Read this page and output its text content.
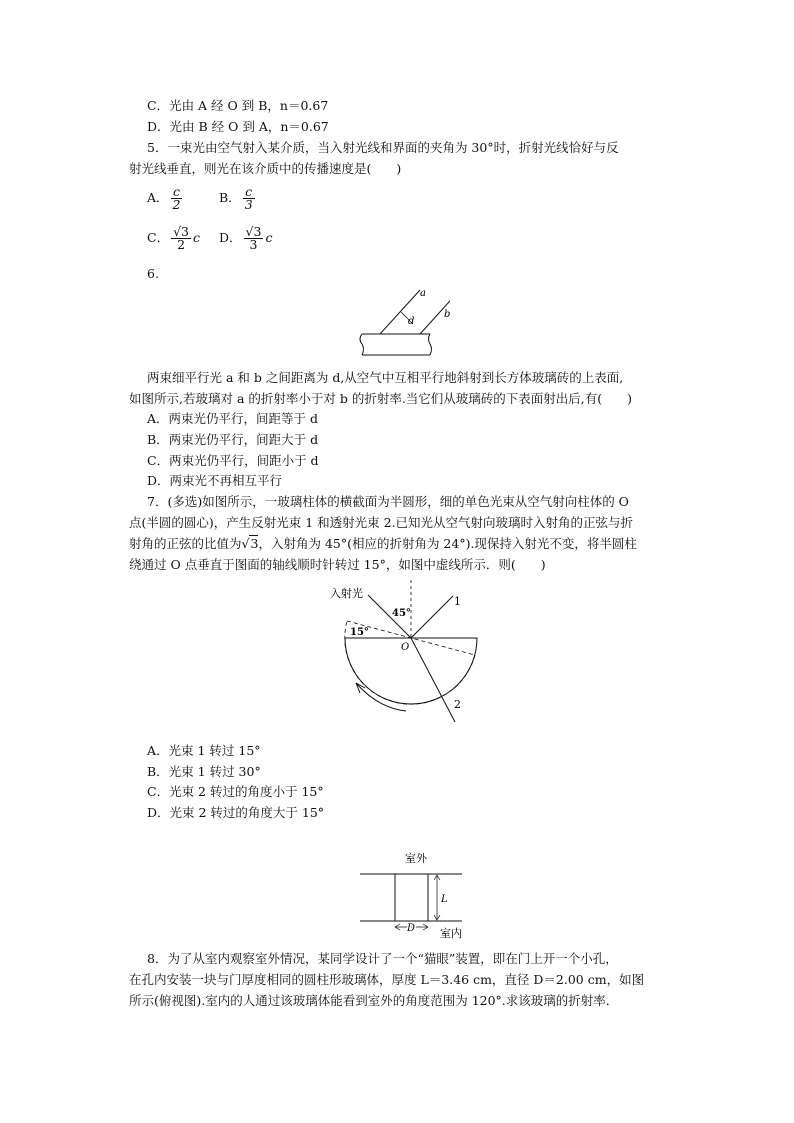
C．光由 A 经 O 到 B，n＝0.67
D．光由 B 经 O 到 A，n＝0.67
5．一束光由空气射入某介质，当入射光线和界面的夹角为 30°时，折射光线恰好与反
射光线垂直，则光在该介质中的传播速度是(　　)
A． $\frac{c}{2}$	B． $\frac{c}{3}$
C． $\frac{√3}{2}$ c D． $\frac{√3}{3}$ c
6.
a
b
d
两束细平行光 a 和 b 之间距离为 d,从空气中互相平行地斜射到长方体玻璃砖的上表面,
如图所示,若玻璃对 a 的折射率小于对 b 的折射率.当它们从玻璃砖的下表面射出后,有(　　)
A．两束光仍平行，间距等于 d
B．两束光仍平行，间距大于 d
C．两束光仍平行，间距小于 d
D．两束光不再相互平行
7．(多选)如图所示，一玻璃柱体的横截面为半圆形，细的单色光束从空气射向柱体的 O
点(半圆的圆心)，产生反射光束 1 和透射光束 2.已知光从空气射向玻璃时入射角的正弦与折
射角的正弦的比值为√3，入射角为 45°(相应的折射角为 24°).现保持入射光不变，将半圆柱
绕通过 O 点垂直于图面的轴线顺时针转过 15°，如图中虚线所示．则(　　)
入射光
45°
15°
O
1
2
A．光束 1 转过 15°
B．光束 1 转过 30°
C．光束 2 转过的角度小于 15°
D．光束 2 转过的角度大于 15°
室外
室内
L
D
8．为了从室内观察室外情况，某同学设计了一个“猫眼”装置，即在门上开一个小孔，
在孔内安装一块与门厚度相同的圆柱形玻璃体，厚度 L＝3.46 cm，直径 D＝2.00 cm，如图
所示(俯视图).室内的人通过该玻璃体能看到室外的角度范围为 120°.求该玻璃的折射率．
